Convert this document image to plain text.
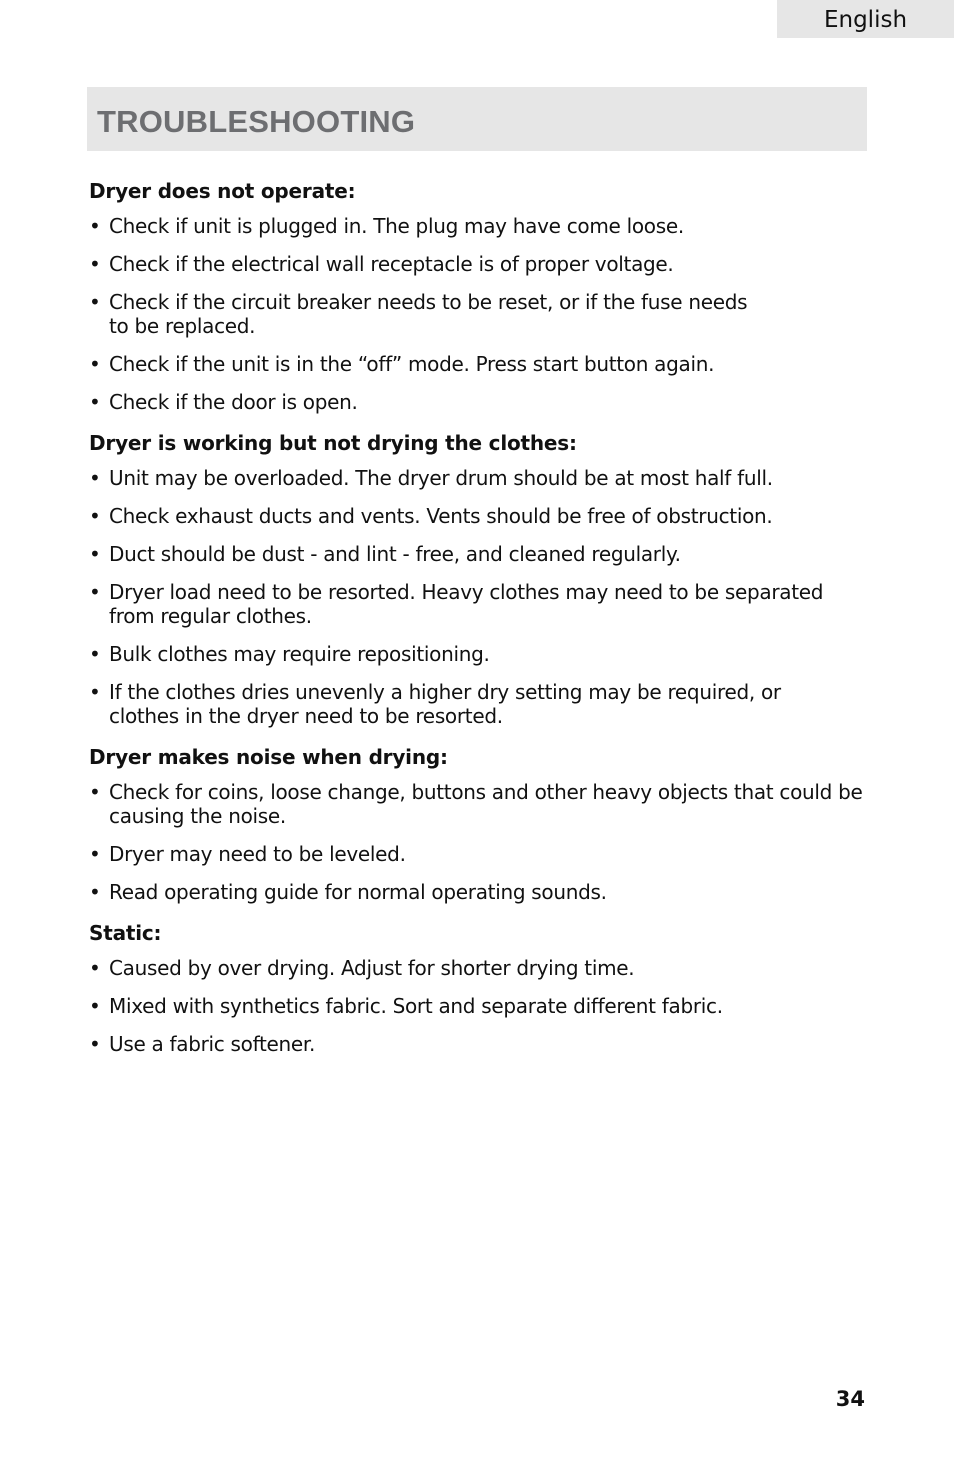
English
TROUBLESHOOTING
Dryer does not operate:
• Check if unit is plugged in. The plug may have come loose.
• Check if the electrical wall receptacle is of proper voltage.
• Check if the circuit breaker needs to be reset, or if the fuse needs to be replaced.
• Check if the unit is in the “off” mode. Press start button again.
• Check if the door is open.
Dryer is working but not drying the clothes:
• Unit may be overloaded. The dryer drum should be at most half full.
• Check exhaust ducts and vents. Vents should be free of obstruction.
• Duct should be dust - and lint - free, and cleaned regularly.
• Dryer load need to be resorted. Heavy clothes may need to be separated from regular clothes.
• Bulk clothes may require repositioning.
• If the clothes dries unevenly a higher dry setting may be required, or clothes in the dryer need to be resorted.
Dryer makes noise when drying:
• Check for coins, loose change, buttons and other heavy objects that could be causing the noise.
• Dryer may need to be leveled.
• Read operating guide for normal operating sounds.
Static:
• Caused by over drying. Adjust for shorter drying time.
• Mixed with synthetics fabric. Sort and separate different fabric.
• Use a fabric softener.
34
